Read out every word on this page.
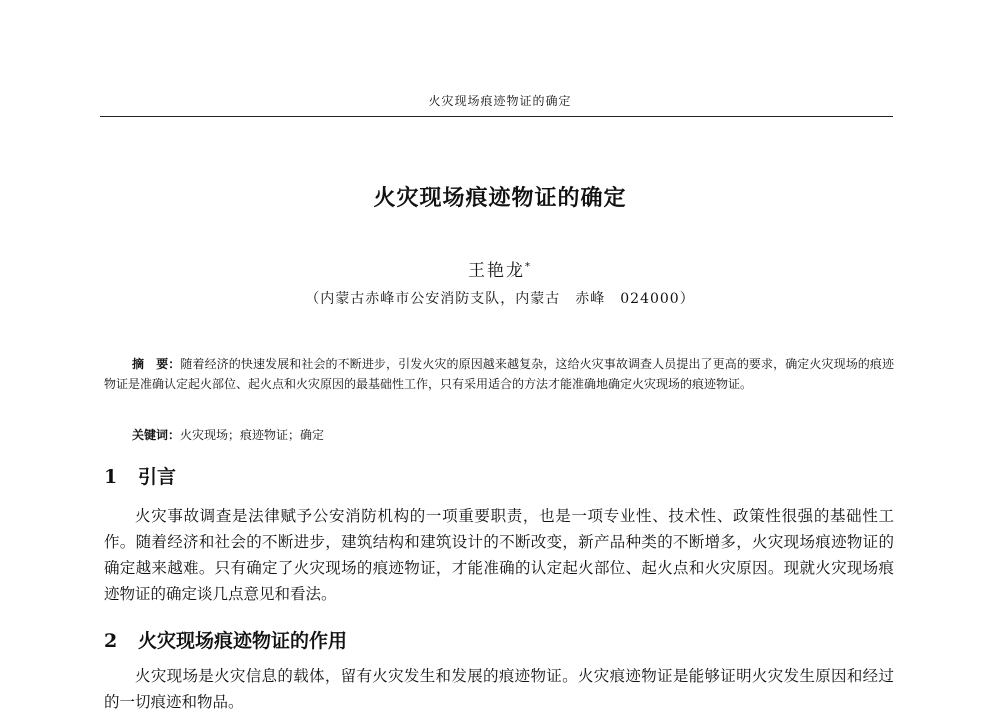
火灾现场痕迹物证的确定
火灾现场痕迹物证的确定
王艳龙*
（内蒙古赤峰市公安消防支队，内蒙古　赤峰　024000）
摘　要：随着经济的快速发展和社会的不断进步，引发火灾的原因越来越复杂，这给火灾事故调查人员提出了更高的要求，确定火灾现场的痕迹物证是准确认定起火部位、起火点和火灾原因的最基础性工作，只有采用适合的方法才能准确地确定火灾现场的痕迹物证。
关键词：火灾现场；痕迹物证；确定
1 引言
火灾事故调查是法律赋予公安消防机构的一项重要职责，也是一项专业性、技术性、政策性很强的基础性工作。随着经济和社会的不断进步，建筑结构和建筑设计的不断改变，新产品种类的不断增多，火灾现场痕迹物证的确定越来越难。只有确定了火灾现场的痕迹物证，才能准确的认定起火部位、起火点和火灾原因。现就火灾现场痕迹物证的确定谈几点意见和看法。
2 火灾现场痕迹物证的作用
火灾现场是火灾信息的载体，留有火灾发生和发展的痕迹物证。火灾痕迹物证是能够证明火灾发生原因和经过的一切痕迹和物品。
